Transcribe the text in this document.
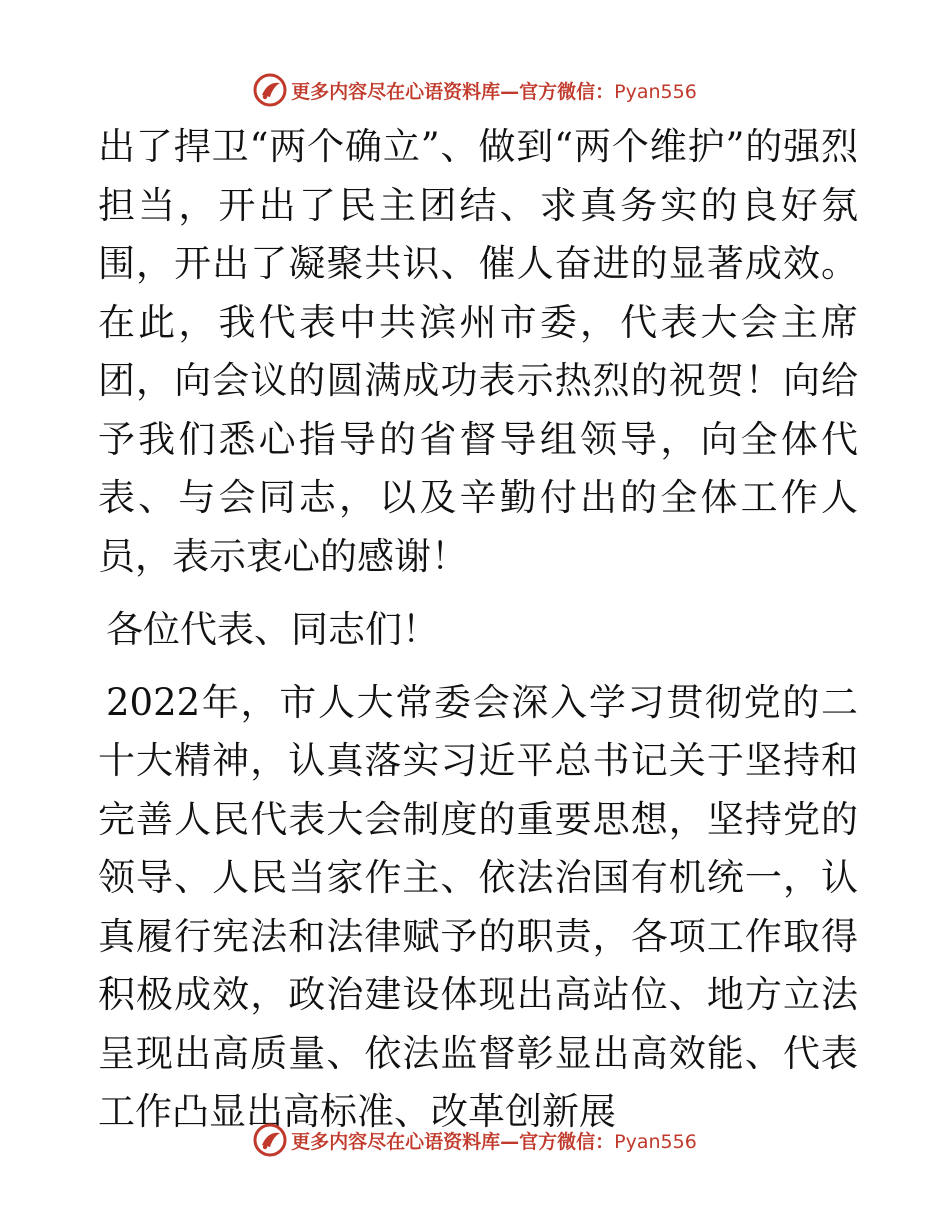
更多内容尽在心语资料库—官方微信：Pyan556

出了捍卫“两个确立”、做到“两个维护”的强烈担当，开出了民主团结、求真务实的良好氛围，开出了凝聚共识、催人奋进的显著成效。在此，我代表中共滨州市委，代表大会主席团，向会议的圆满成功表示热烈的祝贺！向给予我们悉心指导的省督导组领导，向全体代表、与会同志，以及辛勤付出的全体工作人员，表示衷心的感谢！

各位代表、同志们！

2022年，市人大常委会深入学习贯彻党的二十大精神，认真落实习近平总书记关于坚持和完善人民代表大会制度的重要思想，坚持党的领导、人民当家作主、依法治国有机统一，认真履行宪法和法律赋予的职责，各项工作取得积极成效，政治建设体现出高站位、地方立法呈现出高质量、依法监督彰显出高效能、代表工作凸显出高标准、改革创新展

更多内容尽在心语资料库—官方微信：Pyan556
